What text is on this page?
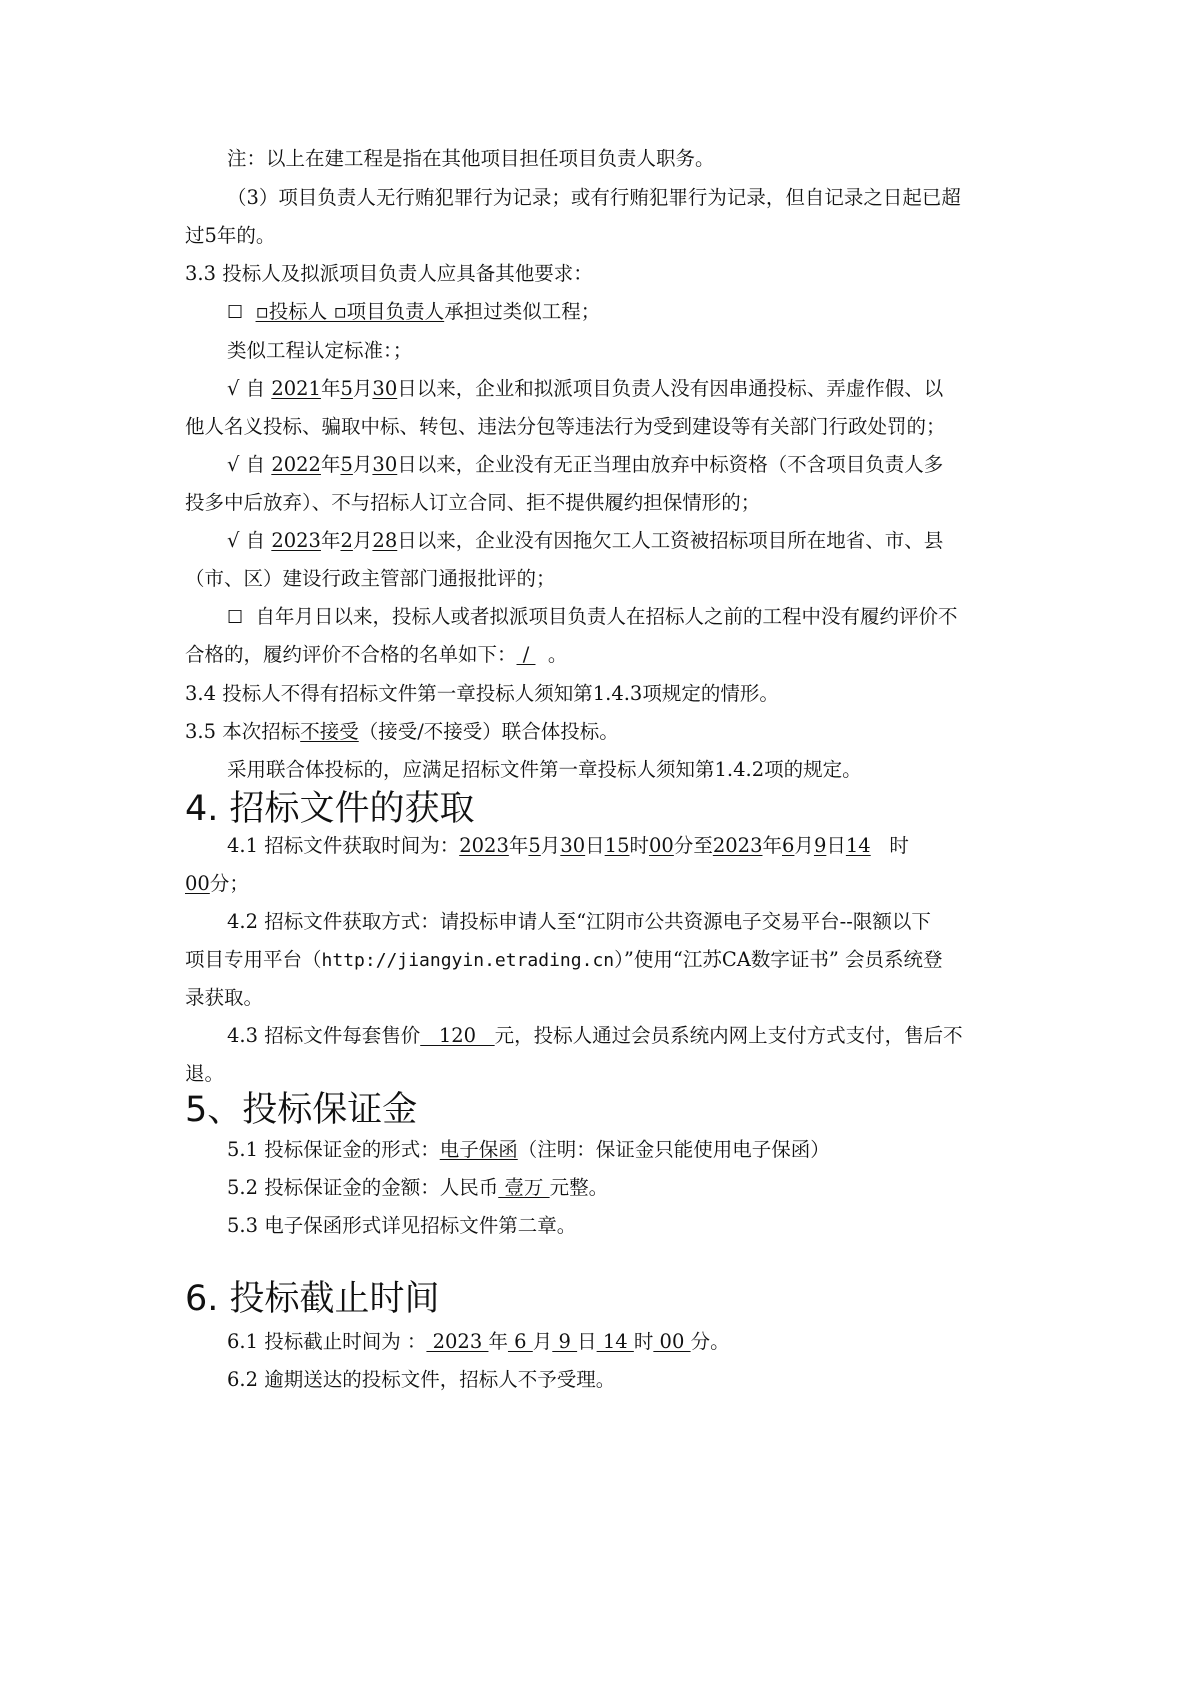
注：以上在建工程是指在其他项目担任项目负责人职务。
（3）项目负责人无行贿犯罪行为记录；或有行贿犯罪行为记录，但自记录之日起已超
过5年的。
3.3 投标人及拟派项目负责人应具备其他要求：
☐ ▫投标人 ▫项目负责人承担过类似工程；
类似工程认定标准：；
√ 自 2021年5月30日以来，企业和拟派项目负责人没有因串通投标、弄虚作假、以
他人名义投标、骗取中标、转包、违法分包等违法行为受到建设等有关部门行政处罚的；
√ 自 2022年5月30日以来，企业没有无正当理由放弃中标资格（不含项目负责人多
投多中后放弃）、不与招标人订立合同、拒不提供履约担保情形的；
√ 自 2023年2月28日以来，企业没有因拖欠工人工资被招标项目所在地省、市、县
（市、区）建设行政主管部门通报批评的；
☐ 自年月日以来，投标人或者拟派项目负责人在招标人之前的工程中没有履约评价不
合格的，履约评价不合格的名单如下： /   。
3.4 投标人不得有招标文件第一章投标人须知第1.4.3项规定的情形。
3.5 本次招标不接受（接受/不接受）联合体投标。
采用联合体投标的，应满足招标文件第一章投标人须知第1.4.2项的规定。
4. 招标文件的获取
4.1 招标文件获取时间为：2023年5月30日15时00分至2023年6月9日14 时
00分；
4.2 招标文件获取方式：请投标申请人至“江阴市公共资源电子交易平台--限额以下
项目专用平台（http://jiangyin.etrading.cn）”使用“江苏CA数字证书” 会员系统登
录获取。
4.3 招标文件每套售价   120   元，投标人通过会员系统内网上支付方式支付，售后不
退。
5、投标保证金
5.1 投标保证金的形式：电子保函（注明：保证金只能使用电子保函）
5.2 投标保证金的金额：人民币 壹万 元整。
5.3 电子保函形式详见招标文件第二章。
6. 投标截止时间
6.1 投标截止时间为 ： 2023 年 6 月 9 日 14 时 00 分。
6.2 逾期送达的投标文件，招标人不予受理。
